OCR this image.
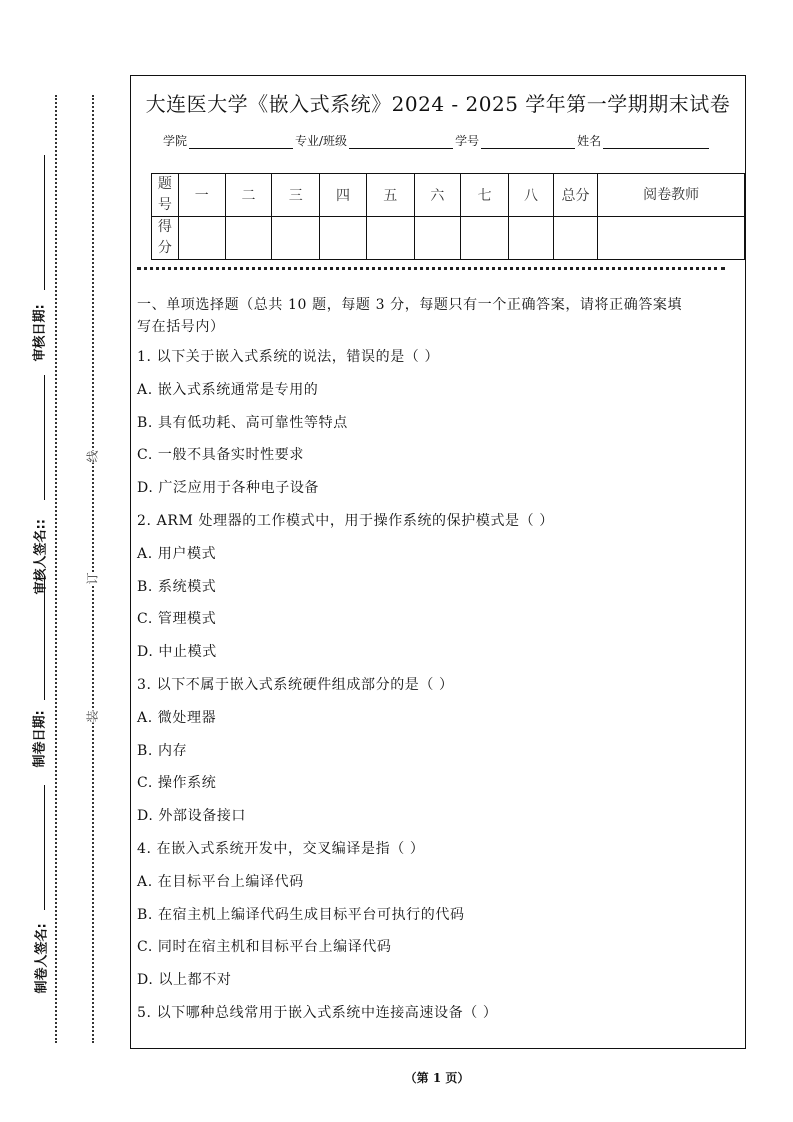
装
订
线
审核日期:
审核人签名::
制卷日期:
制卷人签名:
大连医大学《嵌入式系统》2024 - 2025 学年第一学期期末试卷
学院	专业/班级	学号	姓名
题号	一	二	三	四	五	六	七	八	总分	阅卷教师
得分										
一、单项选择题（总共 10 题，每题 3 分，每题只有一个正确答案，请将正确答案填
写在括号内）
1. 以下关于嵌入式系统的说法，错误的是（ ）
A. 嵌入式系统通常是专用的
B. 具有低功耗、高可靠性等特点
C. 一般不具备实时性要求
D. 广泛应用于各种电子设备
2. ARM 处理器的工作模式中，用于操作系统的保护模式是（ ）
A. 用户模式
B. 系统模式
C. 管理模式
D. 中止模式
3. 以下不属于嵌入式系统硬件组成部分的是（ ）
A. 微处理器
B. 内存
C. 操作系统
D. 外部设备接口
4. 在嵌入式系统开发中，交叉编译是指（ ）
A. 在目标平台上编译代码
B. 在宿主机上编译代码生成目标平台可执行的代码
C. 同时在宿主机和目标平台上编译代码
D. 以上都不对
5. 以下哪种总线常用于嵌入式系统中连接高速设备（ ）
（第 1 页）
